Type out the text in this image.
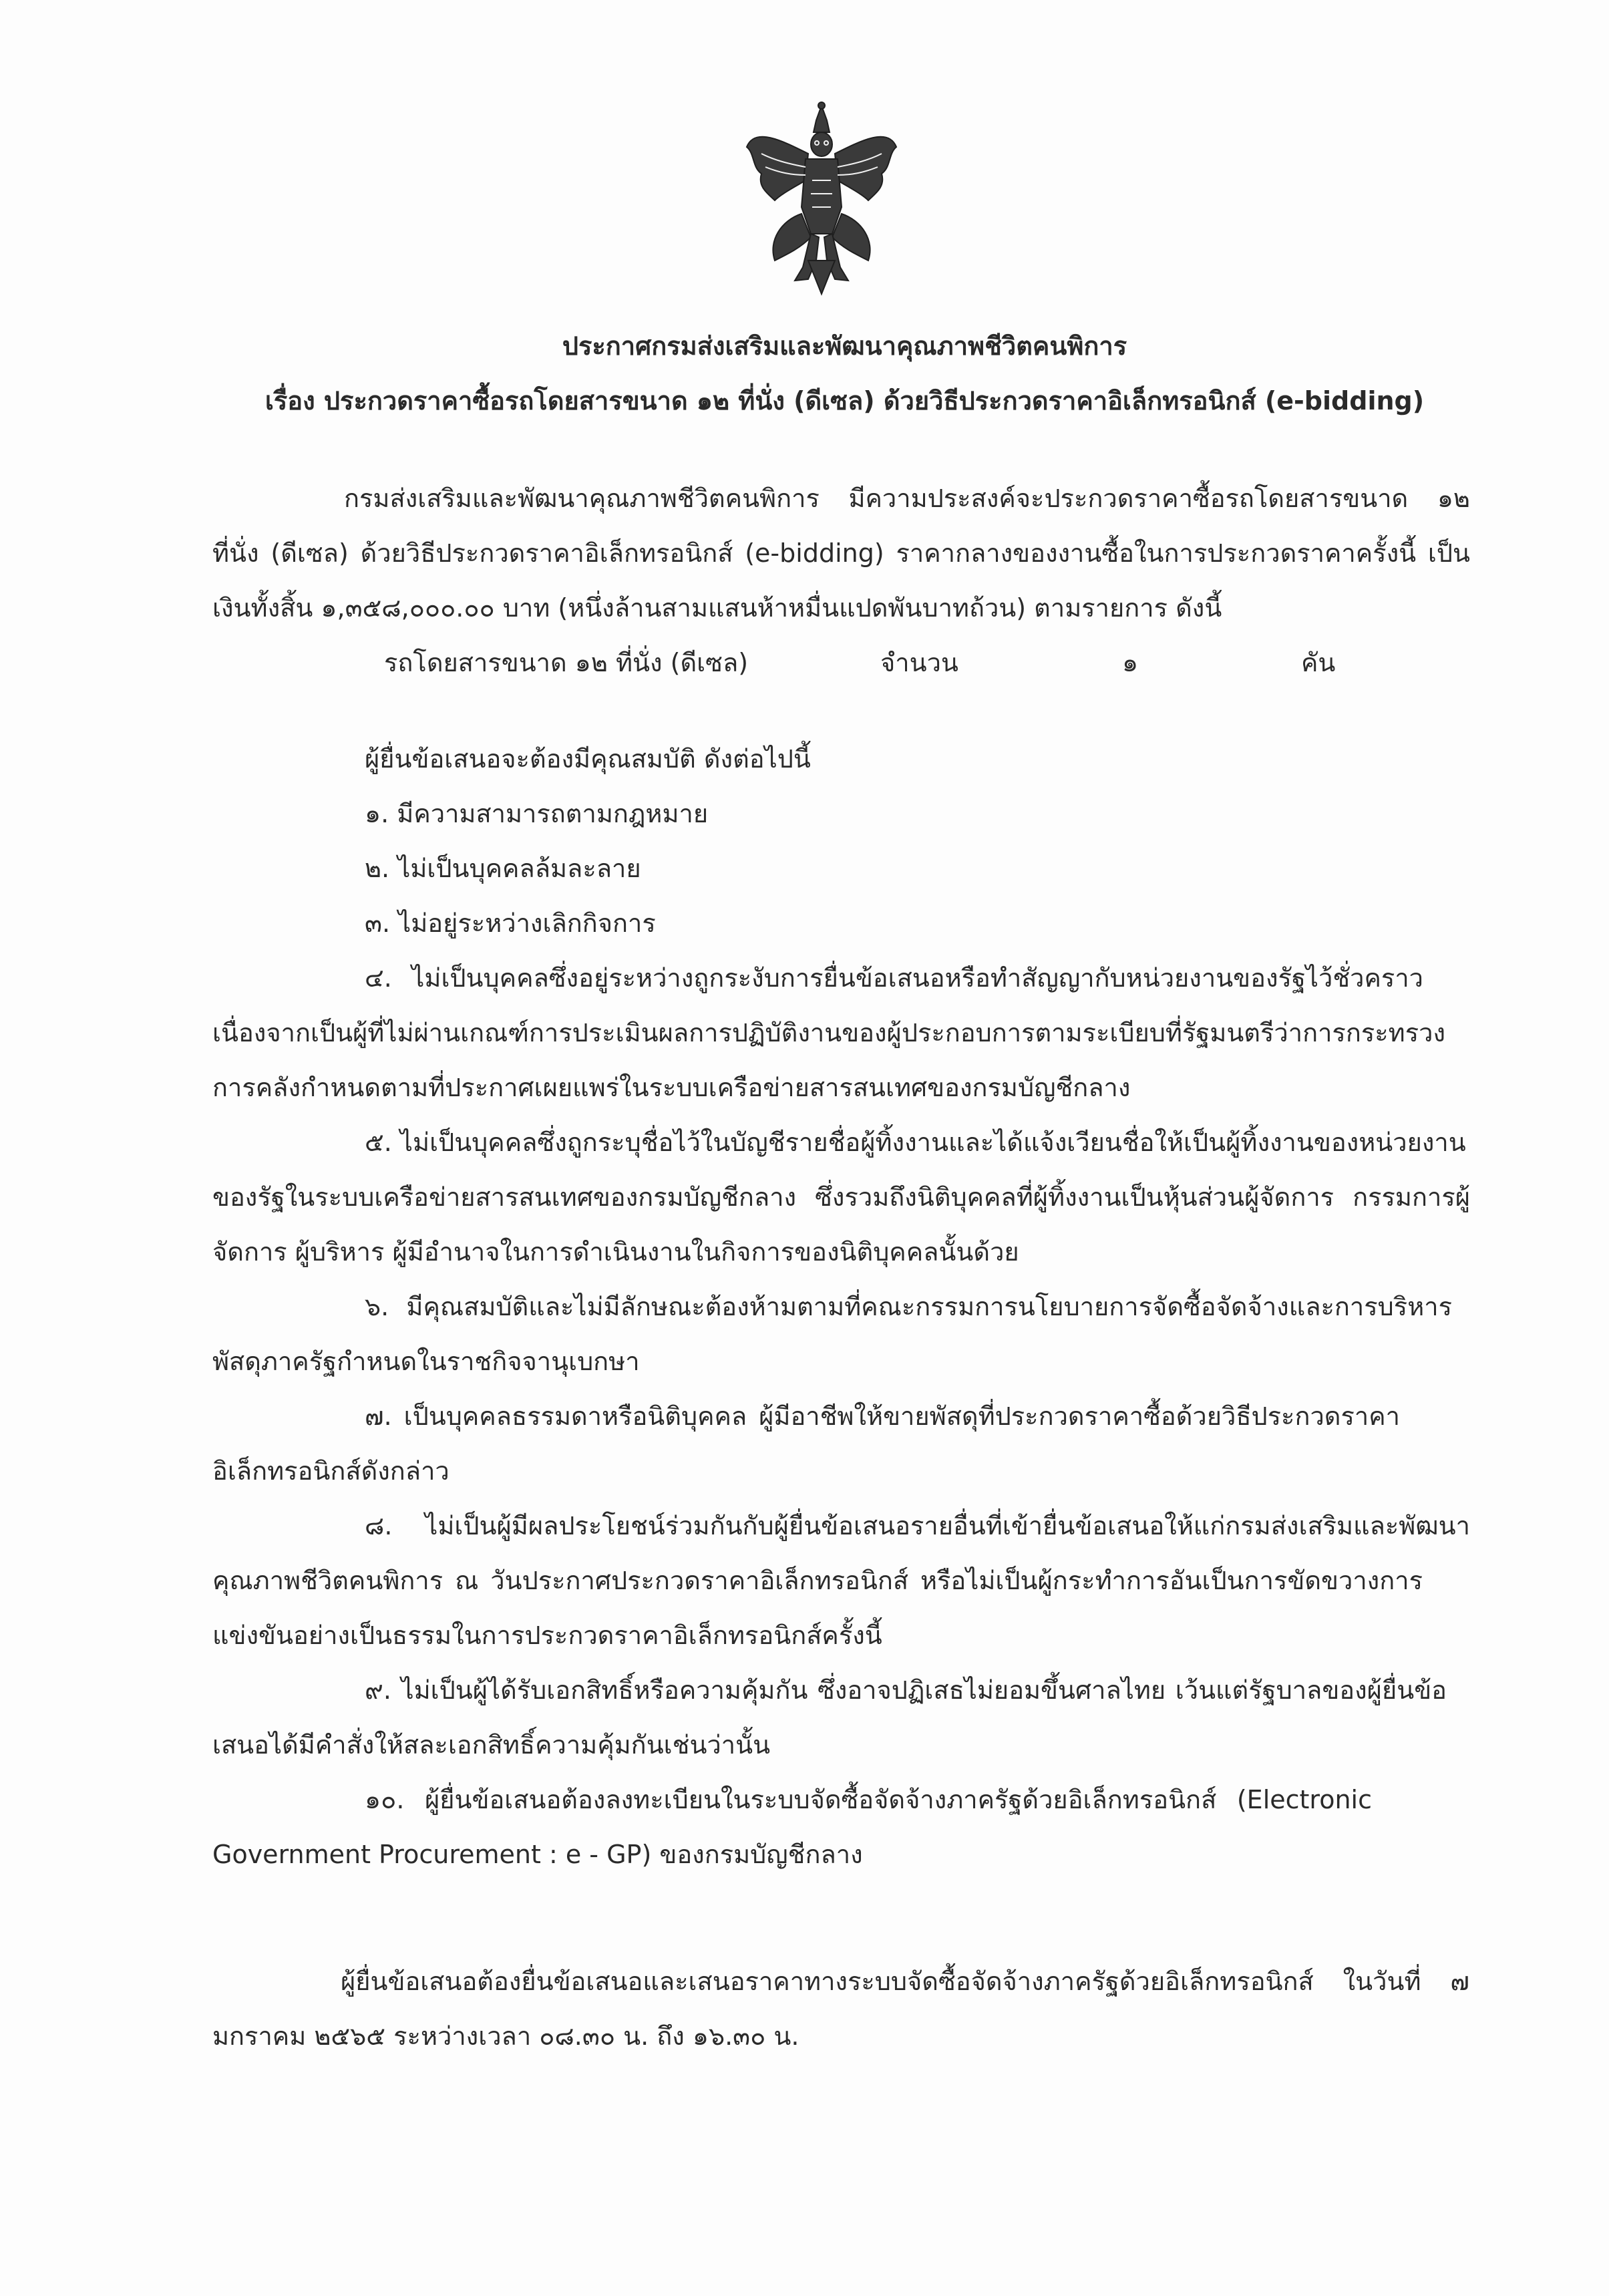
ประกาศกรมส่งเสริมและพัฒนาคุณภาพชีวิตคนพิการ
เรื่อง ประกวดราคาซื้อรถโดยสารขนาด ๑๒ ที่นั่ง (ดีเซล) ด้วยวิธีประกวดราคาอิเล็กทรอนิกส์ (e-bidding)
กรมส่งเสริมและพัฒนาคุณภาพชีวิตคนพิการ มีความประสงค์จะประกวดราคาซื้อรถโดยสารขนาด ๑๒
ที่นั่ง (ดีเซล) ด้วยวิธีประกวดราคาอิเล็กทรอนิกส์ (e-bidding) ราคากลางของงานซื้อในการประกวดราคาครั้งนี้ เป็น
เงินทั้งสิ้น ๑,๓๕๘,๐๐๐.๐๐ บาท (หนึ่งล้านสามแสนห้าหมื่นแปดพันบาทถ้วน) ตามรายการ ดังนี้
รถโดยสารขนาด ๑๒ ที่นั่ง (ดีเซล)	จำนวน	๑	คัน
ผู้ยื่นข้อเสนอจะต้องมีคุณสมบัติ ดังต่อไปนี้
๑. มีความสามารถตามกฎหมาย
๒. ไม่เป็นบุคคลล้มละลาย
๓. ไม่อยู่ระหว่างเลิกกิจการ
๔. ไม่เป็นบุคคลซึ่งอยู่ระหว่างถูกระงับการยื่นข้อเสนอหรือทำสัญญากับหน่วยงานของรัฐไว้ชั่วคราว
เนื่องจากเป็นผู้ที่ไม่ผ่านเกณฑ์การประเมินผลการปฏิบัติงานของผู้ประกอบการตามระเบียบที่รัฐมนตรีว่าการกระทรวง
การคลังกำหนดตามที่ประกาศเผยแพร่ในระบบเครือข่ายสารสนเทศของกรมบัญชีกลาง
๕. ไม่เป็นบุคคลซึ่งถูกระบุชื่อไว้ในบัญชีรายชื่อผู้ทิ้งงานและได้แจ้งเวียนชื่อให้เป็นผู้ทิ้งงานของหน่วยงาน
ของรัฐในระบบเครือข่ายสารสนเทศของกรมบัญชีกลาง ซึ่งรวมถึงนิติบุคคลที่ผู้ทิ้งงานเป็นหุ้นส่วนผู้จัดการ กรรมการผู้
จัดการ ผู้บริหาร ผู้มีอำนาจในการดำเนินงานในกิจการของนิติบุคคลนั้นด้วย
๖. มีคุณสมบัติและไม่มีลักษณะต้องห้ามตามที่คณะกรรมการนโยบายการจัดซื้อจัดจ้างและการบริหาร
พัสดุภาครัฐกำหนดในราชกิจจานุเบกษา
๗. เป็นบุคคลธรรมดาหรือนิติบุคคล ผู้มีอาชีพให้ขายพัสดุที่ประกวดราคาซื้อด้วยวิธีประกวดราคา
อิเล็กทรอนิกส์ดังกล่าว
๘. ไม่เป็นผู้มีผลประโยชน์ร่วมกันกับผู้ยื่นข้อเสนอรายอื่นที่เข้ายื่นข้อเสนอให้แก่กรมส่งเสริมและพัฒนา
คุณภาพชีวิตคนพิการ ณ วันประกาศประกวดราคาอิเล็กทรอนิกส์ หรือไม่เป็นผู้กระทำการอันเป็นการขัดขวางการ
แข่งขันอย่างเป็นธรรมในการประกวดราคาอิเล็กทรอนิกส์ครั้งนี้
๙. ไม่เป็นผู้ได้รับเอกสิทธิ์หรือความคุ้มกัน ซึ่งอาจปฏิเสธไม่ยอมขึ้นศาลไทย เว้นแต่รัฐบาลของผู้ยื่นข้อ
เสนอได้มีคำสั่งให้สละเอกสิทธิ์ความคุ้มกันเช่นว่านั้น
๑๐. ผู้ยื่นข้อเสนอต้องลงทะเบียนในระบบจัดซื้อจัดจ้างภาครัฐด้วยอิเล็กทรอนิกส์ (Electronic
Government Procurement : e - GP) ของกรมบัญชีกลาง
ผู้ยื่นข้อเสนอต้องยื่นข้อเสนอและเสนอราคาทางระบบจัดซื้อจัดจ้างภาครัฐด้วยอิเล็กทรอนิกส์ ในวันที่ ๗
มกราคม ๒๕๖๕ ระหว่างเวลา ๐๘.๓๐ น. ถึง ๑๖.๓๐ น.
